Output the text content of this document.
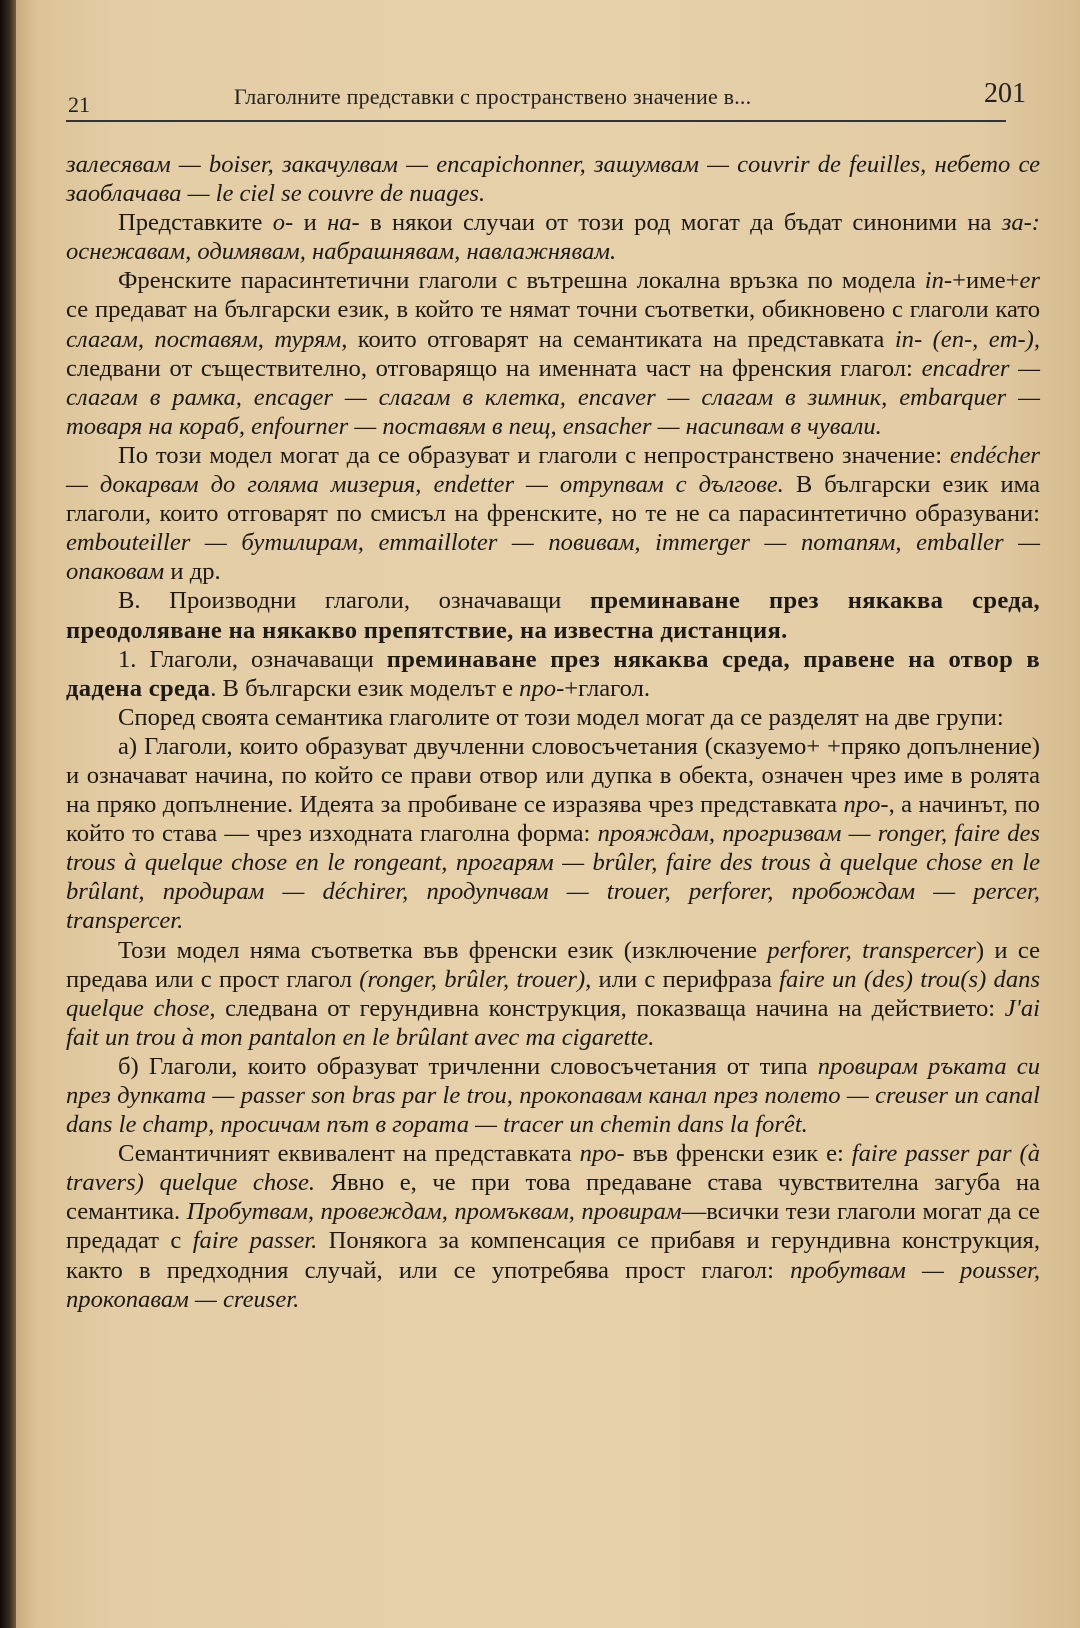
21	Глаголните представки с пространствено значение в...	201

залесявам — boiser, закачулвам — encapichonner, зашумвам — couvrir de feuilles, небето се заоблачава — le ciel se couvre de nuages.

Представките о- и на- в някои случаи от този род могат да бъдат синоними на за-: оснежавам, одимявам, набрашнявам, навлажнявам.

Френските парасинтетични глаголи с вътрешна локална връзка по модела in-+име+er се предават на български език, в който те нямат точни съответки, обикновено с глаголи като слагам, поставям, турям, които отговарят на семантиката на представката in- (en-, em-), следвани от съществително, отговарящо на именната част на френския глагол: encadrer — слагам в рамка, encager — слагам в клетка, encaver — слагам в зимник, embarquer — товаря на кораб, enfourner — поставям в пещ, ensacher — насипвам в чували.

По този модел могат да се образуват и глаголи с непространствено значение: endécher — докарвам до голяма мизерия, endetter — отрупвам с дългове. В български език има глаголи, които отговарят по смисъл на френските, но те не са парасинтетично образувани: embouteiller — бутилирам, emmailloter — повивам, immerger — потапям, emballer — опаковам и др.

В. Производни глаголи, означаващи преминаване през някаква среда, преодоляване на някакво препятствие, на известна дистанция.

1. Глаголи, означаващи преминаване през някаква среда, правене на отвор в дадена среда. В български език моделът е про-+глагол.

Според своята семантика глаголите от този модел могат да се разделят на две групи:

а) Глаголи, които образуват двучленни словосъчетания (сказуемо+ +пряко допълнение) и означават начина, по който се прави отвор или дупка в обекта, означен чрез име в ролята на пряко допълнение. Идеята за пробиване се изразява чрез представката про-, а начинът, по който то става — чрез изходната глаголна форма: прояждам, прогризвам — ronger, faire des trous à quelque chose en le rongeant, прогарям — brûler, faire des trous à quelque chose en le brûlant, продирам — déchirer, продупчвам — trouer, perforer, пробождам — percer, transpercer.

Този модел няма съответка във френски език (изключение perforer, transpercer) и се предава или с прост глагол (ronger, brûler, trouer), или с перифраза faire un (des) trou(s) dans quelque chose, следвана от герундивна конструкция, показваща начина на действието: J'ai fait un trou à mon pantalon en le brûlant avec ma cigarette.

б) Глаголи, които образуват тричленни словосъчетания от типа провирам ръката си през дупката — passer son bras par le trou, прокопавам канал през полето — creuser un canal dans le champ, просичам път в гората — tracer un chemin dans la forêt.

Семантичният еквивалент на представката про- във френски език е: faire passer par (à travers) quelque chose. Явно е, че при това предаване става чувствителна загуба на семантика. Пробутвам, провеждам, промъквам, провирам—всички тези глаголи могат да се предадат с faire passer. Понякога за компенсация се прибавя и герундивна конструкция, както в предходния случай, или се употребява прост глагол: пробутвам — pousser, прокопавам — creuser.
